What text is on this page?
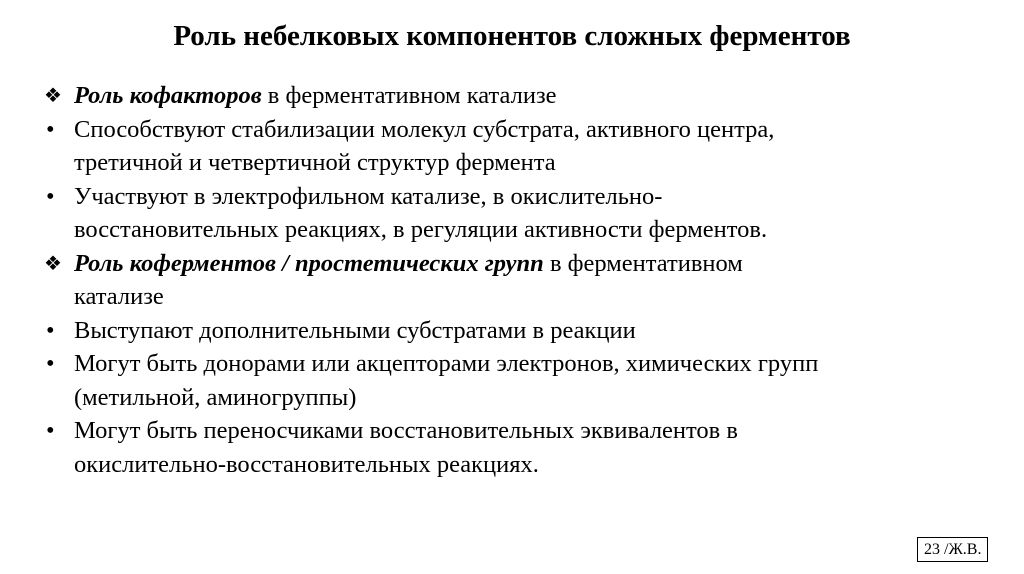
Роль небелковых компонентов сложных ферментов
❖ Роль кофакторов в ферментативном катализе
• Способствуют стабилизации молекул субстрата, активного центра,
третичной и четвертичной структур фермента
• Участвуют в электрофильном катализе, в окислительно-
восстановительных реакциях, в регуляции активности ферментов.
❖ Роль коферментов / простетических групп в ферментативном
катализе
• Выступают дополнительными субстратами в реакции
• Могут быть донорами или акцепторами электронов, химических групп
(метильной, аминогруппы)
• Могут быть переносчиками восстановительных эквивалентов в
окислительно-восстановительных реакциях.
23 /Ж.В.
